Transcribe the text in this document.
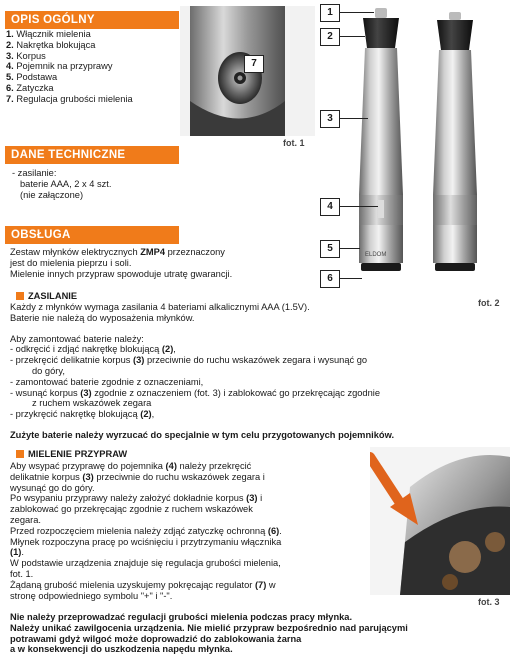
OPIS OGÓLNY
1. Włącznik mielenia
2. Nakrętka blokująca
3. Korpus
4. Pojemnik na przyprawy
5. Podstawa
6. Zatyczka
7. Regulacja grubości mielenia
7
fot. 1
ELDOM
1
2
3
4
5
6
fot. 2
DANE TECHNICZNE
- zasilanie:
baterie AAA, 2 x 4 szt.
(nie załączone)
OBSŁUGA
Zestaw młynków elektrycznych ZMP4 przeznaczony
jest do mielenia pieprzu i soli.
Mielenie innych przypraw spowoduje utratę gwarancji.
ZASILANIE
Każdy z młynków wymaga zasilania 4 bateriami alkalicznymi AAA (1.5V).
Baterie nie należą do wyposażenia młynków.
Aby zamontować baterie należy:
- odkręcić i zdjąć nakrętkę blokującą (2),
- przekręcić delikatnie korpus (3) przeciwnie do ruchu wskazówek zegara i wysunąć go
do góry,
- zamontować baterie zgodnie z oznaczeniami,
- wsunąć korpus (3) zgodnie z oznaczeniem (fot. 3) i zablokować go przekręcając zgodnie
z ruchem wskazówek zegara
- przykręcić nakrętkę blokującą (2),
Zużyte baterie należy wyrzucać do specjalnie w tym celu przygotowanych pojemników.
MIELENIE PRZYPRAW
Aby wsypać przyprawę do pojemnika (4) należy przekręcić
delikatnie korpus (3) przeciwnie do ruchu wskazówek zegara i
wysunąć go do góry.
Po wsypaniu przyprawy należy założyć dokładnie korpus (3) i
zablokować go przekręcając zgodnie z ruchem wskazówek
zegara.
Przed rozpoczęciem mielenia należy zdjąć zatyczkę ochronną (6).
Młynek rozpoczyna pracę po wciśnięciu i przytrzymaniu włącznika
(1).
W podstawie urządzenia znajduje się regulacja grubości mielenia,
fot. 1.
Żądaną grubość mielenia uzyskujemy pokręcając regulator (7) w
stronę odpowiedniego symbolu "+" i "-".
fot. 3
Nie należy przeprowadzać regulacji grubości mielenia podczas pracy młynka.
Należy unikać zawilgocenia urządzenia. Nie mielić przypraw bezpośrednio nad parującymi
potrawami gdyż wilgoć może doprowadzić do zablokowania żarna
a w konsekwencji do uszkodzenia napędu młynka.
